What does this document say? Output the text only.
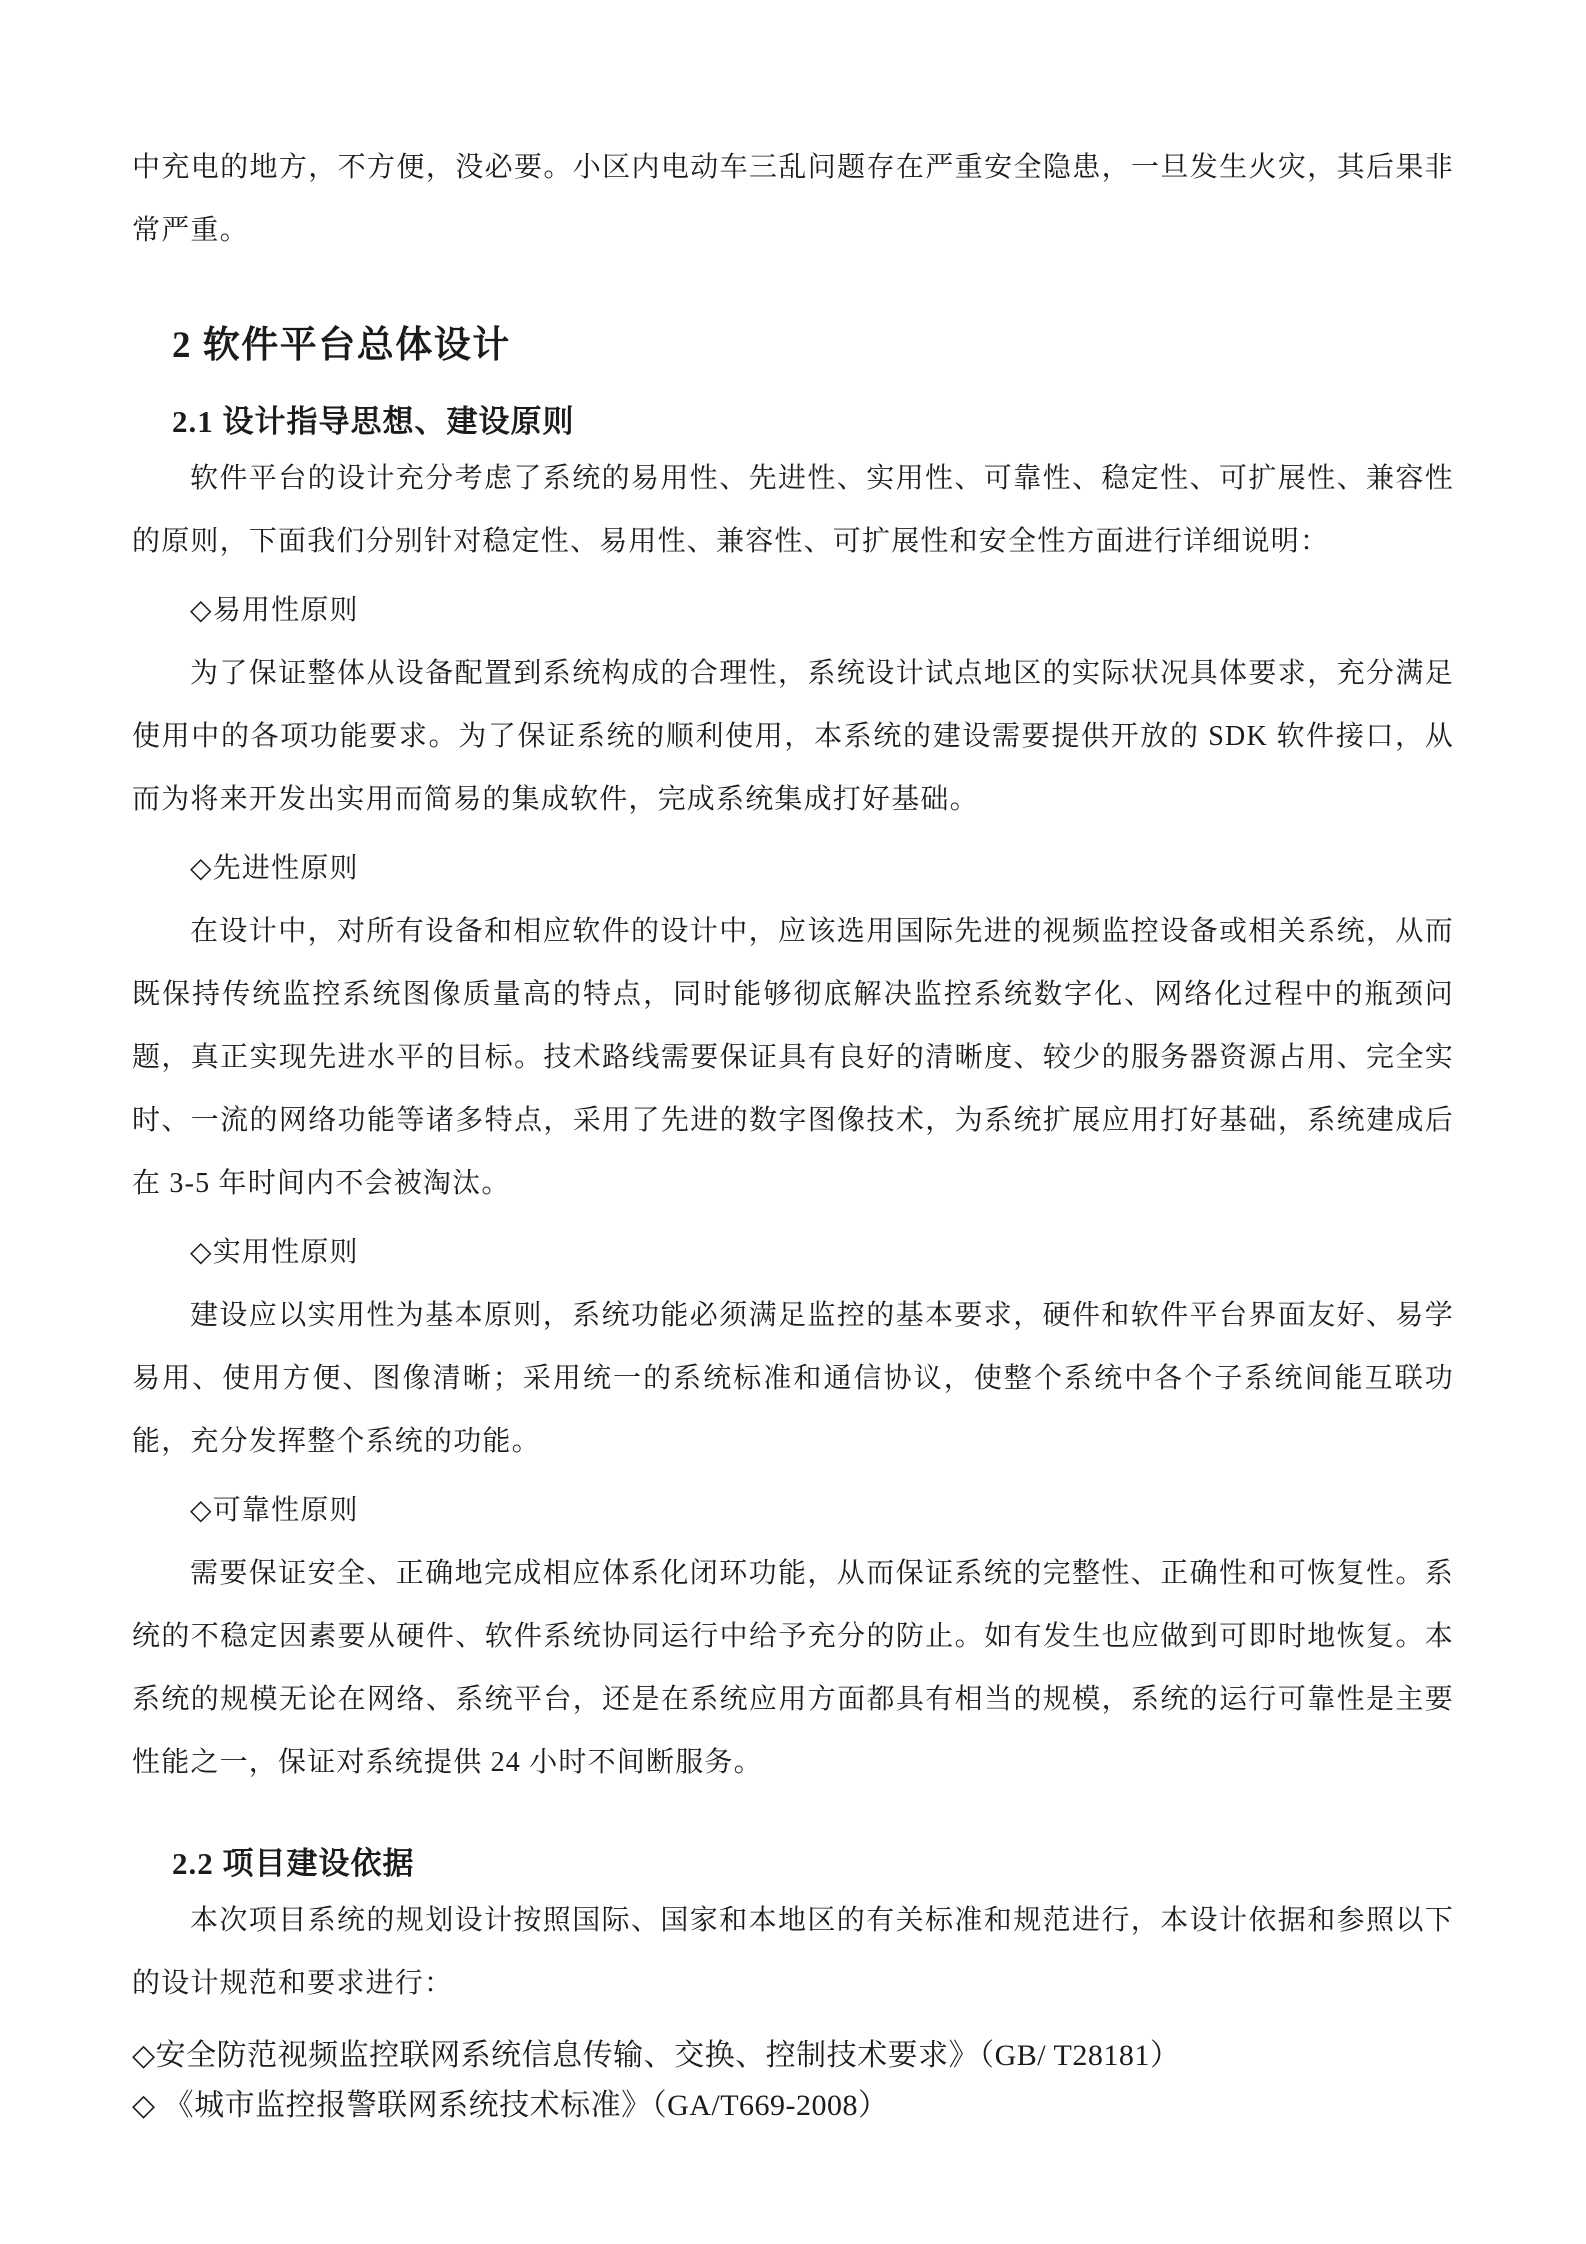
中充电的地方，不方便，没必要。小区内电动车三乱问题存在严重安全隐患，一旦发生火灾，其后果非常严重。

2 软件平台总体设计
2.1 设计指导思想、建设原则

软件平台的设计充分考虑了系统的易用性、先进性、实用性、可靠性、稳定性、可扩展性、兼容性的原则，下面我们分别针对稳定性、易用性、兼容性、可扩展性和安全性方面进行详细说明：

◇易用性原则

为了保证整体从设备配置到系统构成的合理性，系统设计试点地区的实际状况具体要求，充分满足使用中的各项功能要求。为了保证系统的顺利使用，本系统的建设需要提供开放的 SDK 软件接口，从而为将来开发出实用而简易的集成软件，完成系统集成打好基础。

◇先进性原则

在设计中，对所有设备和相应软件的设计中，应该选用国际先进的视频监控设备或相关系统，从而既保持传统监控系统图像质量高的特点，同时能够彻底解决监控系统数字化、网络化过程中的瓶颈问题，真正实现先进水平的目标。技术路线需要保证具有良好的清晰度、较少的服务器资源占用、完全实时、一流的网络功能等诸多特点，采用了先进的数字图像技术，为系统扩展应用打好基础，系统建成后在 3-5 年时间内不会被淘汰。

◇实用性原则

建设应以实用性为基本原则，系统功能必须满足监控的基本要求，硬件和软件平台界面友好、易学易用、使用方便、图像清晰；采用统一的系统标准和通信协议，使整个系统中各个子系统间能互联功能，充分发挥整个系统的功能。

◇可靠性原则

需要保证安全、正确地完成相应体系化闭环功能，从而保证系统的完整性、正确性和可恢复性。系统的不稳定因素要从硬件、软件系统协同运行中给予充分的防止。如有发生也应做到可即时地恢复。本系统的规模无论在网络、系统平台，还是在系统应用方面都具有相当的规模，系统的运行可靠性是主要性能之一，保证对系统提供 24 小时不间断服务。

2.2 项目建设依据

本次项目系统的规划设计按照国际、国家和本地区的有关标准和规范进行，本设计依据和参照以下的设计规范和要求进行：

◇安全防范视频监控联网系统信息传输、交换、控制技术要求》（GB/ T28181）

◇ 《城市监控报警联网系统技术标准》（GA/T669-2008）
